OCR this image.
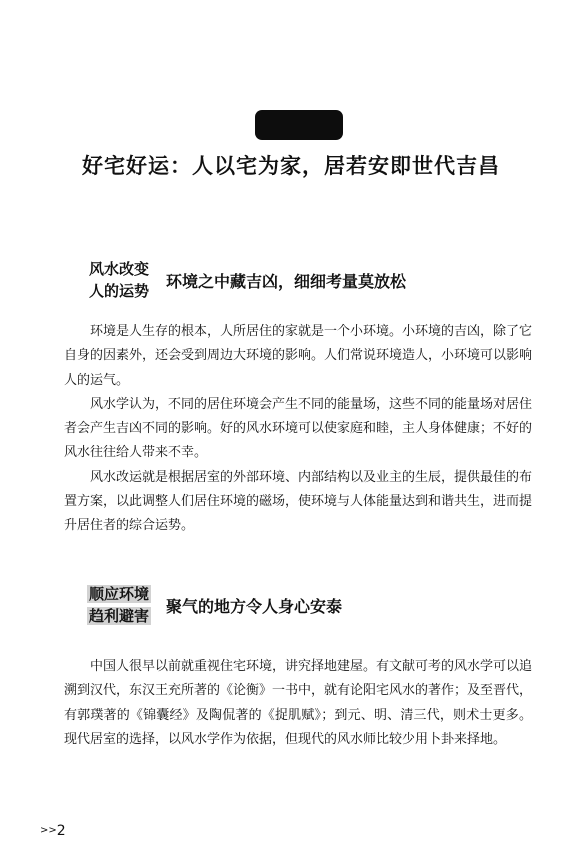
好宅好运：人以宅为家，居若安即世代吉昌
风水改变
人的运势	环境之中藏吉凶，细细考量莫放松

环境是人生存的根本，人所居住的家就是一个小环境。小环境的吉凶，除了它自身的因素外，还会受到周边大环境的影响。人们常说环境造人，小环境可以影响人的运气。

风水学认为，不同的居住环境会产生不同的能量场，这些不同的能量场对居住者会产生吉凶不同的影响。好的风水环境可以使家庭和睦，主人身体健康；不好的风水往往给人带来不幸。

风水改运就是根据居室的外部环境、内部结构以及业主的生辰，提供最佳的布置方案，以此调整人们居住环境的磁场，使环境与人体能量达到和谐共生，进而提升居住者的综合运势。

顺应环境
趋利避害	聚气的地方令人身心安泰

中国人很早以前就重视住宅环境，讲究择地建屋。有文献可考的风水学可以追溯到汉代，东汉王充所著的《论衡》一书中，就有论阳宅风水的著作；及至晋代，有郭璞著的《锦囊经》及陶侃著的《捉肌赋》；到元、明、清三代，则术士更多。现代居室的选择，以风水学作为依据，但现代的风水师比较少用卜卦来择地。

>>2
